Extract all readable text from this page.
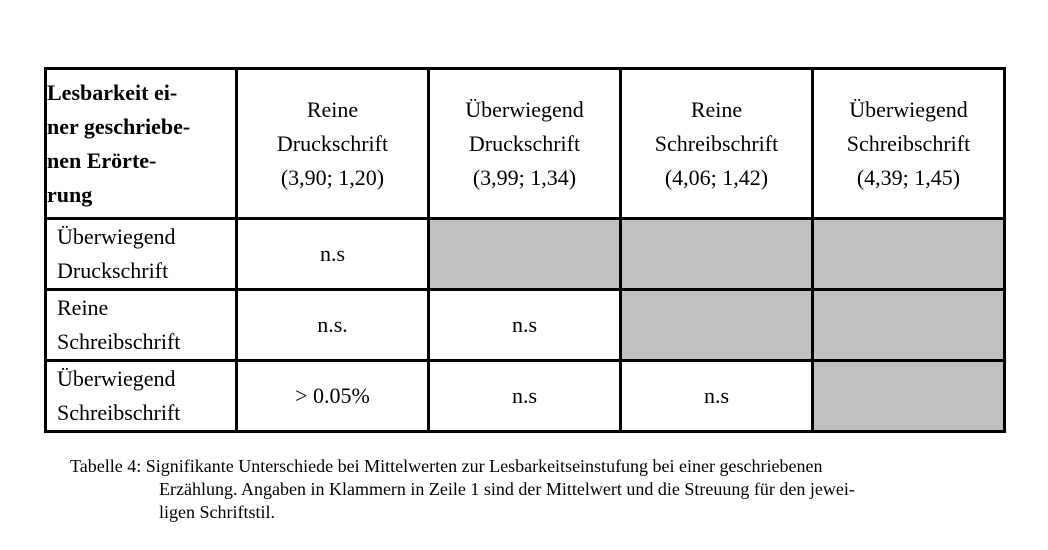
Lesbarkeit ei-
ner geschriebe-
nen Erörte-
rung	Reine
Druckschrift
(3,90; 1,20)	Überwiegend
Druckschrift
(3,99; 1,34)	Reine
Schreibschrift
(4,06; 1,42)	Überwiegend
Schreibschrift
(4,39; 1,45)

Überwiegend
Druckschrift	n.s			

Reine
Schreibschrift	n.s.	n.s		

Überwiegend
Schreibschrift	> 0.05%	n.s	n.s	
Tabelle 4: Signifikante Unterschiede bei Mittelwerten zur Lesbarkeitseinstufung bei einer geschriebenen
Erzählung. Angaben in Klammern in Zeile 1 sind der Mittelwert und die Streuung für den jewei-
ligen Schriftstil.
